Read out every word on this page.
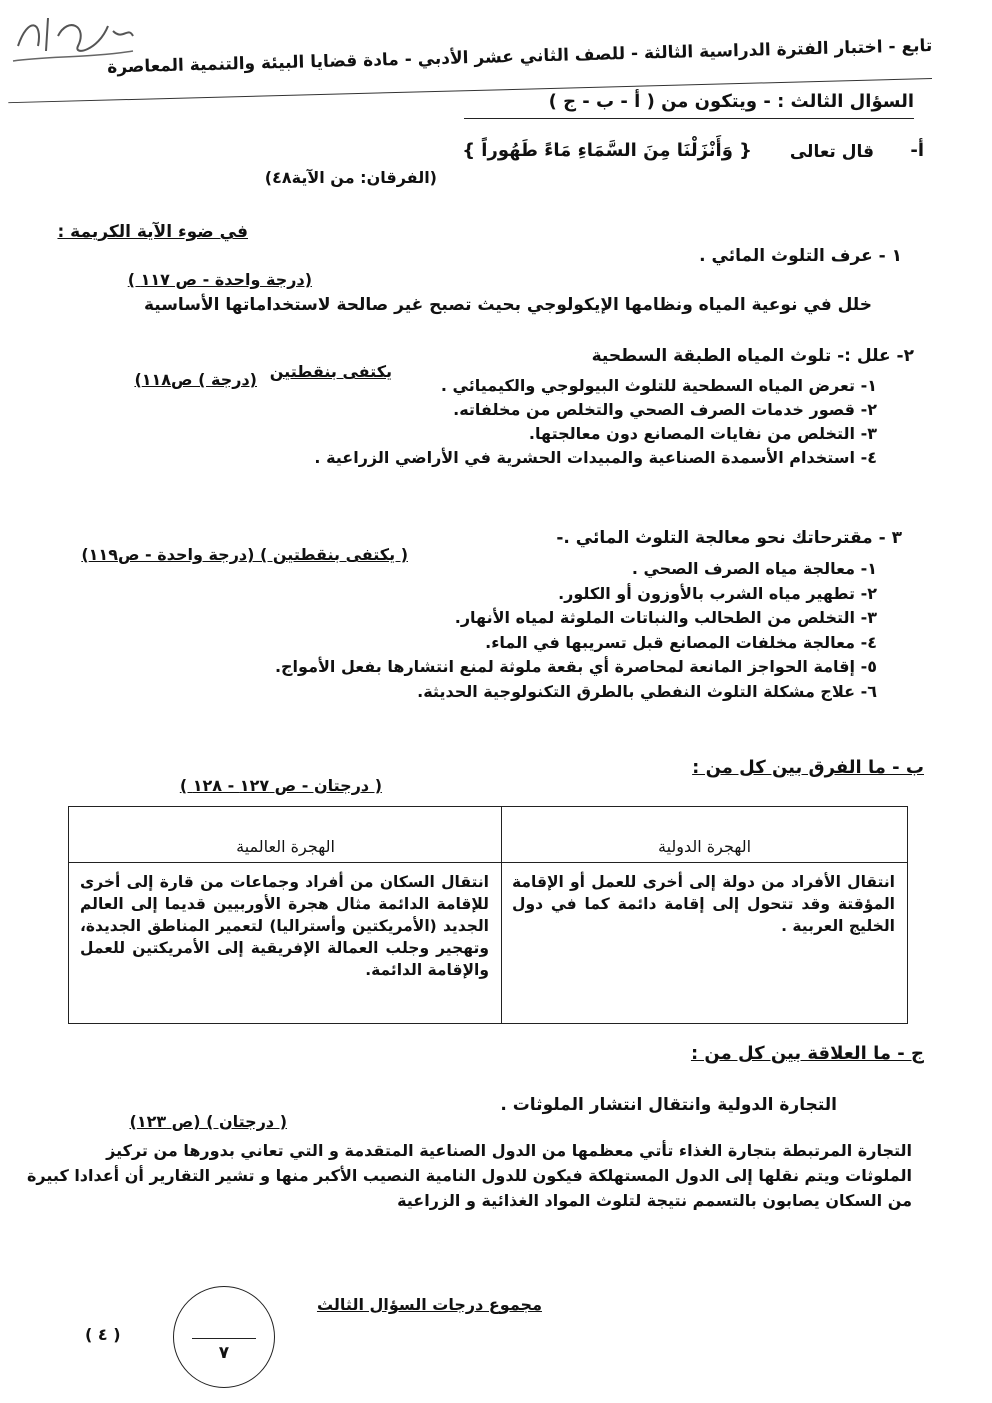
تابع - اختبار الفترة الدراسية الثالثة - للصف الثاني عشر الأدبي - مادة قضايا البيئة والتنمية المعاصرة
السؤال الثالث : - ويتكون من ( أ - ب - ج )
أ-
قال تعالى
{ وَأَنْزَلْنَا مِنَ السَّمَاءِ مَاءً طَهُوراً }
(الفرقان: من الآية٤٨)
في ضوء الآية الكريمة :
١ - عرف التلوث المائي .
(درجة واحدة - ص ١١٧ )
خلل في نوعية المياه ونظامها الإيكولوجي بحيث تصبح غير صالحة لاستخداماتها الأساسية
٢- علل :- تلوث المياه الطبقة السطحية
يكتفى بنقطتين
(درجة ) ص١١٨)	١- تعرض المياه السطحية للتلوث البيولوجي والكيميائي .
٢- قصور خدمات الصرف الصحي والتخلص من مخلفاته.
٣- التخلص من نفايات المصانع دون معالجتها.
٤- استخدام الأسمدة الصناعية والمبيدات الحشرية في الأراضي الزراعية .
٣ - مقترحاتك نحو معالجة التلوث المائي .-
( يكتفى بنقطتين ) (درجة واحدة - ص١١٩)
١- معالجة مياه الصرف الصحي .
٢- تطهير مياه الشرب بالأوزون أو الكلور.
٣- التخلص من الطحالب والنباتات الملوثة لمياه الأنهار.
٤- معالجة مخلفات المصانع قبل تسريبها في الماء.
٥- إقامة الحواجز المانعة لمحاصرة أي بقعة ملوثة لمنع انتشارها بفعل الأمواج.
٦- علاج مشكلة التلوث النفطي بالطرق التكنولوجية الحديثة.
ب - ما الفرق بين كل من :
( درجتان - ص ١٢٧ - ١٢٨ )
الهجرة الدولية
الهجرة العالمية
انتقال الأفراد من دولة إلى أخرى للعمل أو الإقامة المؤقتة وقد تتحول إلى إقامة دائمة كما في دول الخليج العربية .
انتقال السكان من أفراد وجماعات من قارة إلى أخرى للإقامة الدائمة مثال هجرة الأوربيين قديما إلى العالم الجديد (الأمريكتين وأستراليا) لتعمير المناطق الجديدة، وتهجير وجلب العمالة الإفريقية إلى الأمريكتين للعمل والإقامة الدائمة.
ج - ما العلاقة بين كل من :
التجارة الدولية وانتقال انتشار الملوثات .
( درجتان ) (ص ١٢٣)
التجارة المرتبطة بتجارة الغذاء تأتي معظمها من الدول الصناعية المتقدمة و التي تعاني بدورها من تركيز
الملوثات ويتم نقلها إلى الدول المستهلكة فيكون للدول النامية النصيب الأكبر منها و تشير التقارير أن أعدادا كبيرة
من السكان يصابون بالتسمم نتيجة لتلوث المواد الغذائية و الزراعية
مجموع درجات السؤال الثالث
٧
( ٤ )
